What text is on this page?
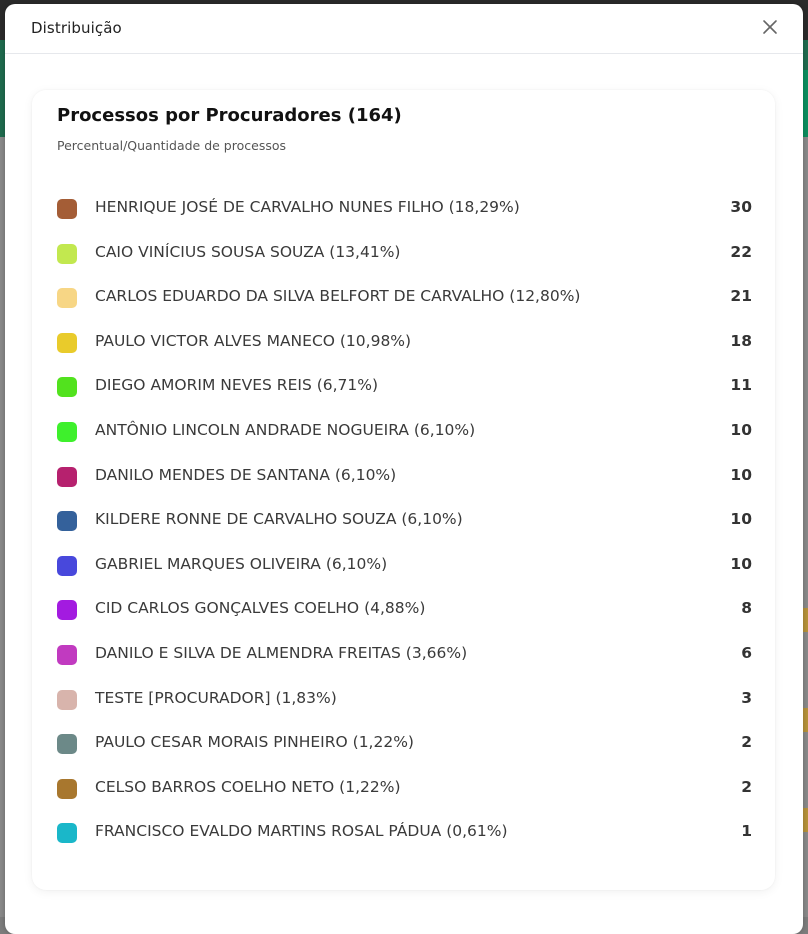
Distribuição
Processos por Procuradores (164)
Percentual/Quantidade de processos
HENRIQUE JOSÉ DE CARVALHO NUNES FILHO (18,29%)	30
CAIO VINÍCIUS SOUSA SOUZA (13,41%)	22
CARLOS EDUARDO DA SILVA BELFORT DE CARVALHO (12,80%)	21
PAULO VICTOR ALVES MANECO (10,98%)	18
DIEGO AMORIM NEVES REIS (6,71%)	11
ANTÔNIO LINCOLN ANDRADE NOGUEIRA (6,10%)	10
DANILO MENDES DE SANTANA (6,10%)	10
KILDERE RONNE DE CARVALHO SOUZA (6,10%)	10
GABRIEL MARQUES OLIVEIRA (6,10%)	10
CID CARLOS GONÇALVES COELHO (4,88%)	8
DANILO E SILVA DE ALMENDRA FREITAS (3,66%)	6
TESTE [PROCURADOR] (1,83%)	3
PAULO CESAR MORAIS PINHEIRO (1,22%)	2
CELSO BARROS COELHO NETO (1,22%)	2
FRANCISCO EVALDO MARTINS ROSAL PÁDUA (0,61%)	1
